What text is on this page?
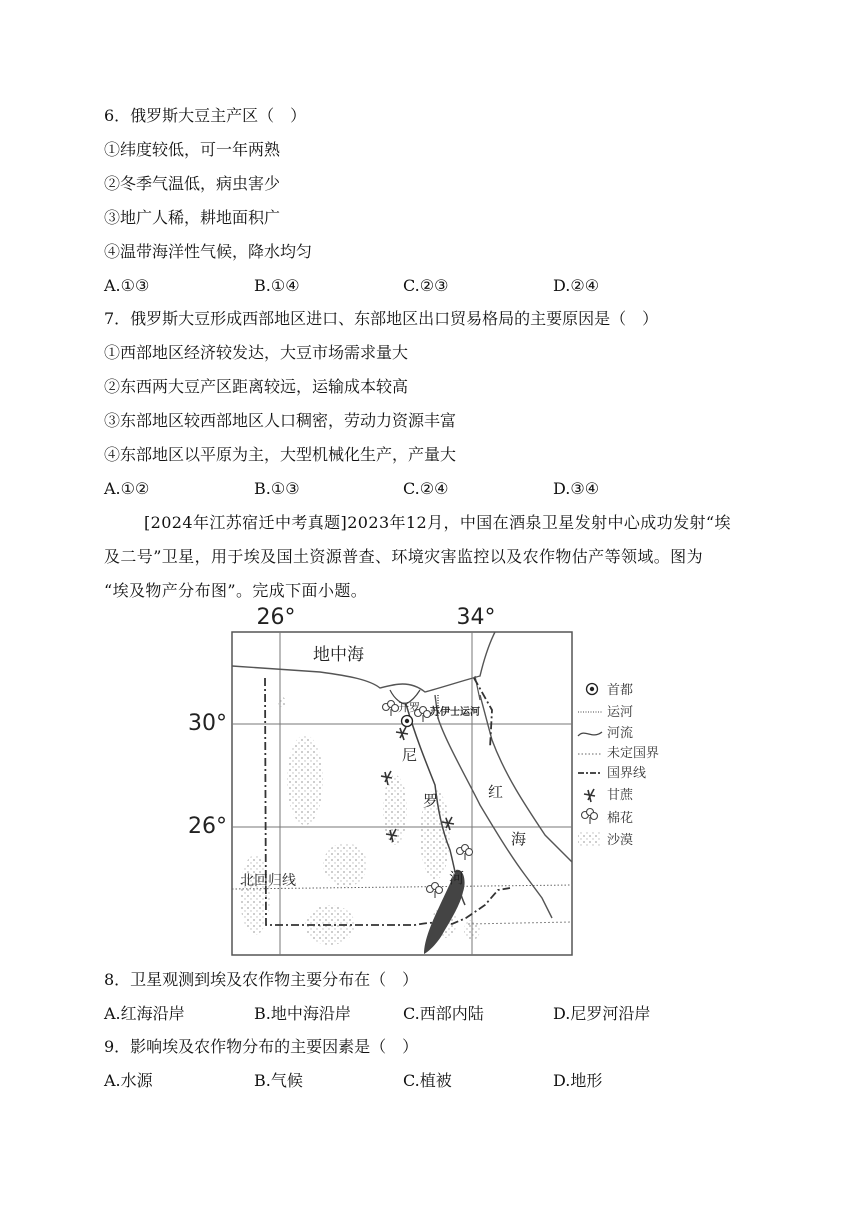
6．俄罗斯大豆主产区（　）
①纬度较低，可一年两熟
②冬季气温低，病虫害少
③地广人稀，耕地面积广
④温带海洋性气候，降水均匀
A.①③	B.①④	C.②③	D.②④
7．俄罗斯大豆形成西部地区进口、东部地区出口贸易格局的主要原因是（　）
①西部地区经济较发达，大豆市场需求量大
②东西两大豆产区距离较远，运输成本较高
③东部地区较西部地区人口稠密，劳动力资源丰富
④东部地区以平原为主，大型机械化生产，产量大
A.①②	B.①③	C.②④	D.③④
[2024年江苏宿迁中考真题]2023年12月，中国在酒泉卫星发射中心成功发射“埃
及二号”卫星，用于埃及国土资源普查、环境灾害监控以及农作物估产等领域。图为
“埃及物产分布图”。完成下面小题。
26°	34°
30°
26°
地中海
开罗 苏伊士运河
尼
罗
河
红
海
北回归线
首都
运河
河流
未定国界
国界线
甘蔗
棉花
沙漠
8．卫星观测到埃及农作物主要分布在（　）
A.红海沿岸	B.地中海沿岸	C.西部内陆	D.尼罗河沿岸
9．影响埃及农作物分布的主要因素是（　）
A.水源	B.气候	C.植被	D.地形
